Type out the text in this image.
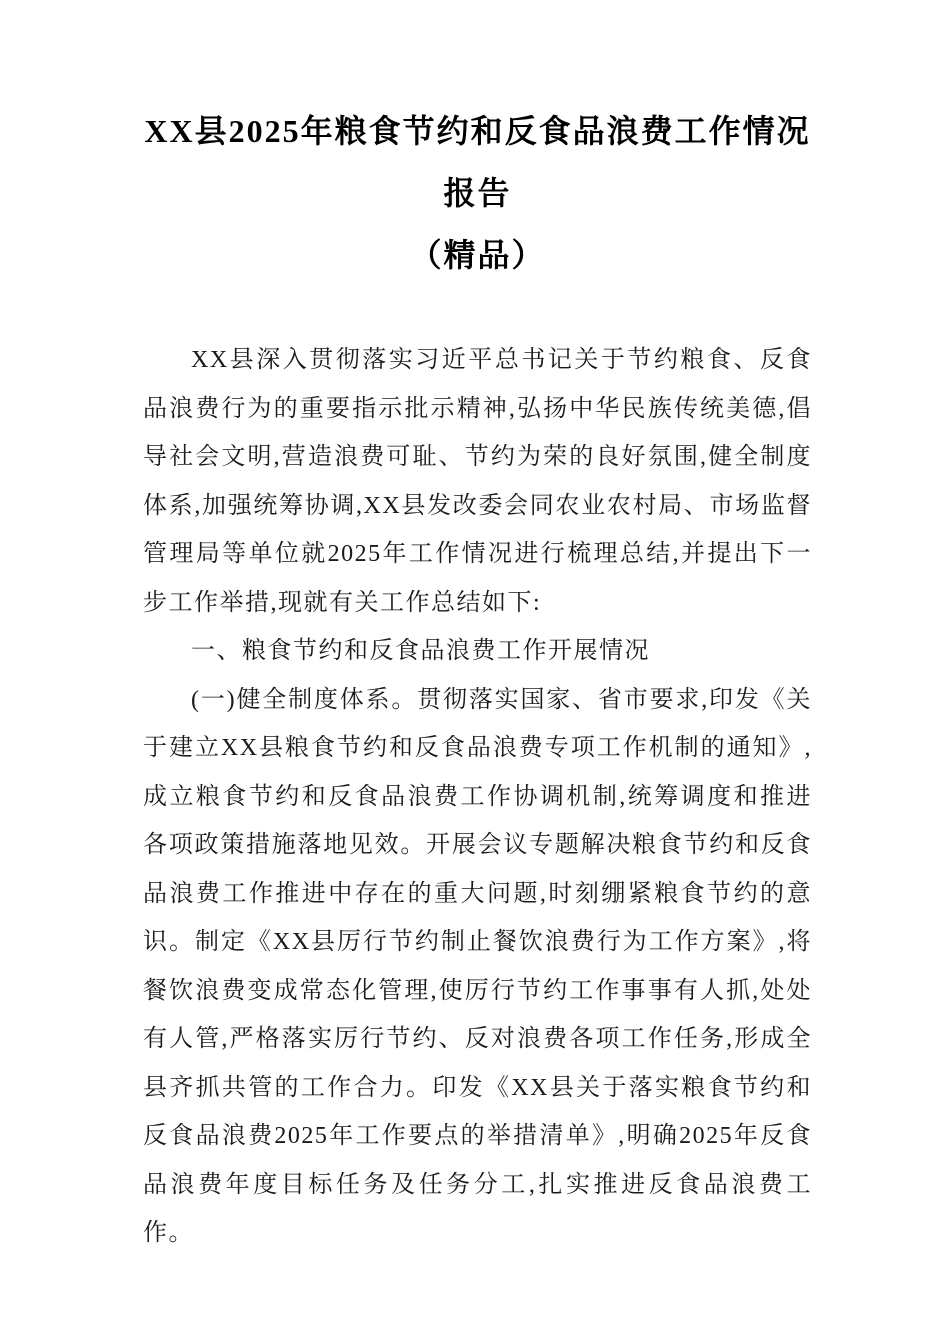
XX县2025年粮食节约和反食品浪费工作情况报告
（精品）

XX县深入贯彻落实习近平总书记关于节约粮食、反食品浪费行为的重要指示批示精神,弘扬中华民族传统美德,倡导社会文明,营造浪费可耻、节约为荣的良好氛围,健全制度体系,加强统筹协调,XX县发改委会同农业农村局、市场监督管理局等单位就2025年工作情况进行梳理总结,并提出下一步工作举措,现就有关工作总结如下:

一、粮食节约和反食品浪费工作开展情况

(一)健全制度体系。贯彻落实国家、省市要求,印发《关于建立XX县粮食节约和反食品浪费专项工作机制的通知》,成立粮食节约和反食品浪费工作协调机制,统筹调度和推进各项政策措施落地见效。开展会议专题解决粮食节约和反食品浪费工作推进中存在的重大问题,时刻绷紧粮食节约的意识。制定《XX县厉行节约制止餐饮浪费行为工作方案》,将餐饮浪费变成常态化管理,使厉行节约工作事事有人抓,处处有人管,严格落实厉行节约、反对浪费各项工作任务,形成全县齐抓共管的工作合力。印发《XX县关于落实粮食节约和反食品浪费2025年工作要点的举措清单》,明确2025年反食品浪费年度目标任务及任务分工,扎实推进反食品浪费工作。
